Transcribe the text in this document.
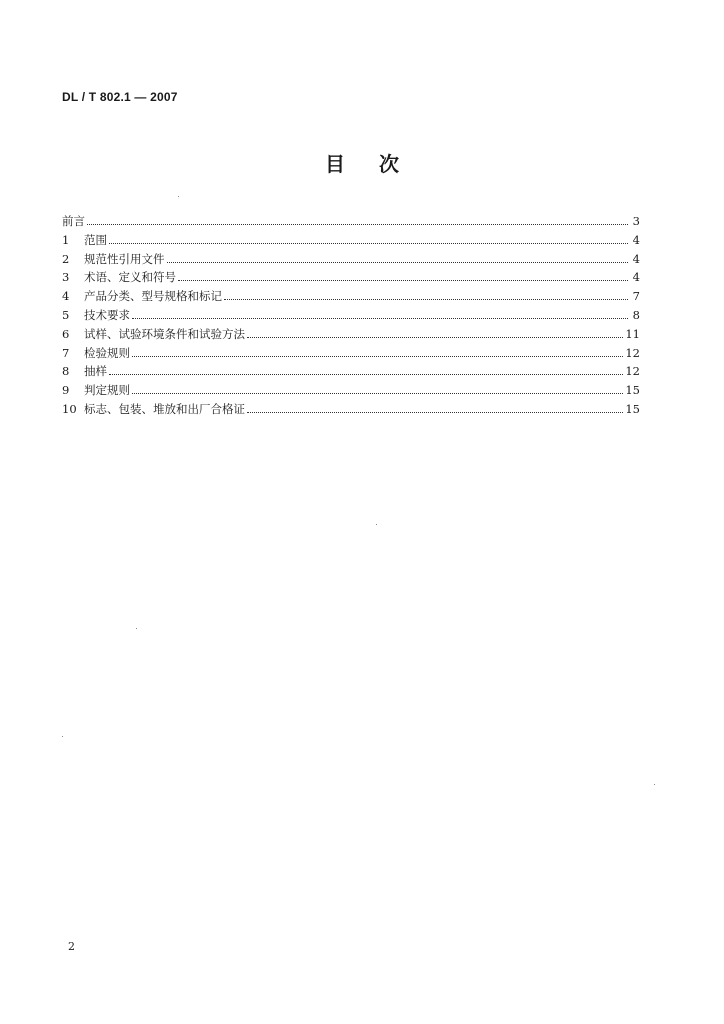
DL / T 802.1 — 2007
目次
前言	3
1	范围	4
2	规范性引用文件	4
3	术语、定义和符号	4
4	产品分类、型号规格和标记	7
5	技术要求	8
6	试样、试验环境条件和试验方法	11
7	检验规则	12
8	抽样	12
9	判定规则	15
10 标志、包装、堆放和出厂合格证	15
2
